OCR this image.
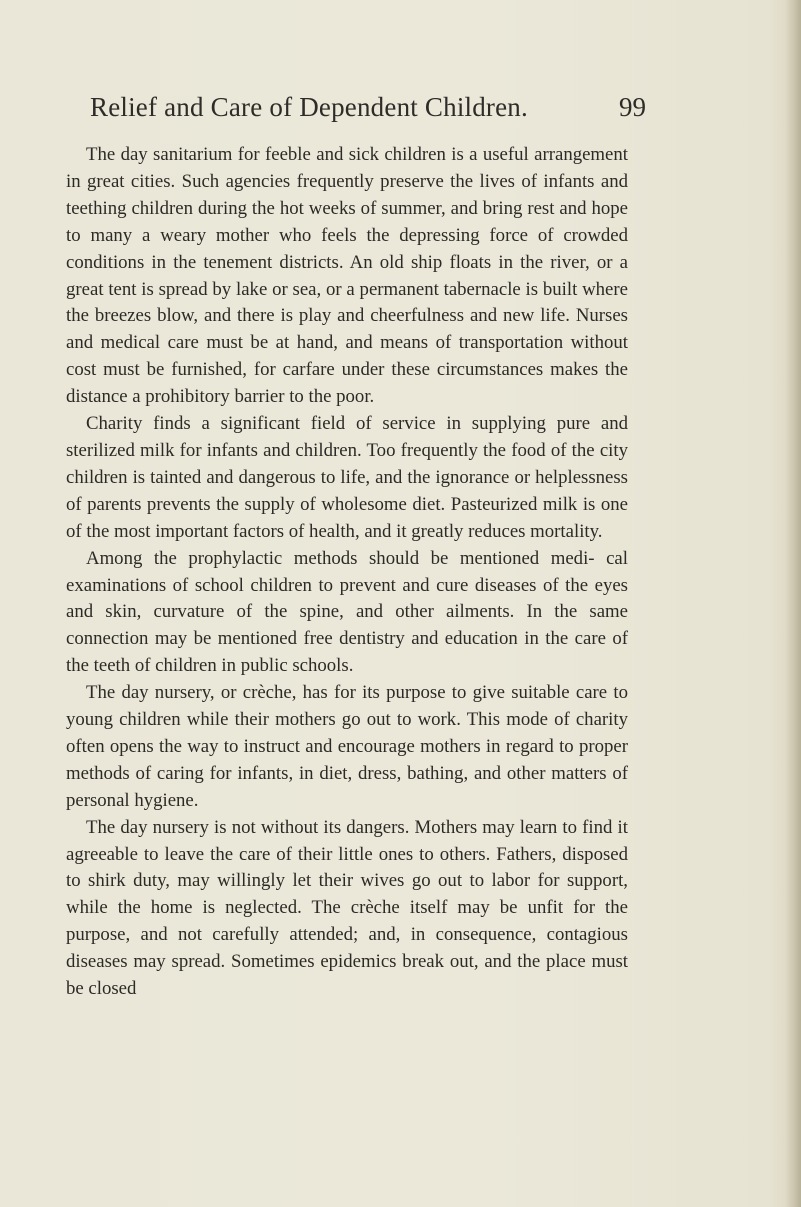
Relief and Care of Dependent Children.	99

The day sanitarium for feeble and sick children is a useful arrangement in great cities. Such agencies frequently preserve the lives of infants and teething children during the hot weeks of summer, and bring rest and hope to many a weary mother who feels the depressing force of crowded conditions in the tenement districts. An old ship floats in the river, or a great tent is spread by lake or sea, or a permanent tabernacle is built where the breezes blow, and there is play and cheerfulness and new life. Nurses and medical care must be at hand, and means of transportation without cost must be furnished, for carfare under these circumstances makes the distance a prohibitory barrier to the poor.

Charity finds a significant field of service in supplying pure and sterilized milk for infants and children. Too frequently the food of the city children is tainted and dangerous to life, and the ignorance or helplessness of parents prevents the supply of wholesome diet. Pasteurized milk is one of the most important factors of health, and it greatly reduces mortality.

Among the prophylactic methods should be mentioned medi- cal examinations of school children to prevent and cure diseases of the eyes and skin, curvature of the spine, and other ailments. In the same connection may be mentioned free dentistry and education in the care of the teeth of children in public schools.

The day nursery, or crèche, has for its purpose to give suitable care to young children while their mothers go out to work. This mode of charity often opens the way to instruct and encourage mothers in regard to proper methods of caring for infants, in diet, dress, bathing, and other matters of personal hygiene.

The day nursery is not without its dangers. Mothers may learn to find it agreeable to leave the care of their little ones to others. Fathers, disposed to shirk duty, may willingly let their wives go out to labor for support, while the home is neglected. The crèche itself may be unfit for the purpose, and not carefully attended; and, in consequence, contagious diseases may spread. Sometimes epidemics break out, and the place must be closed
